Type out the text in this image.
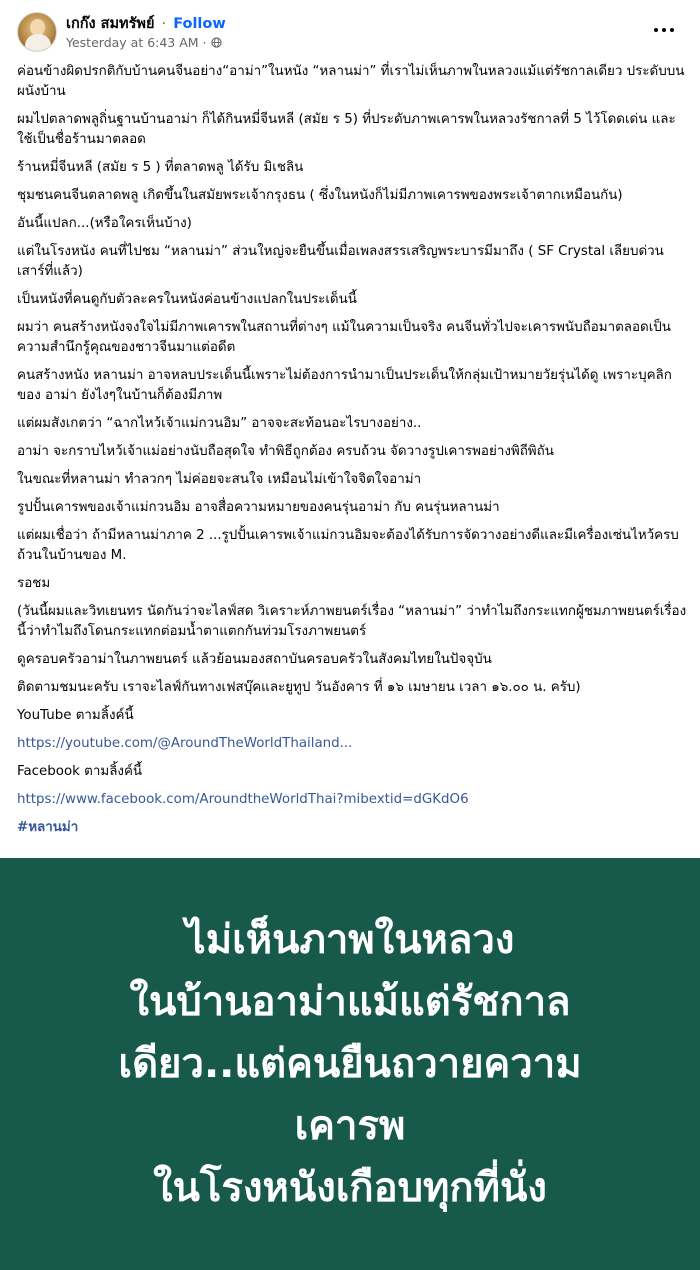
เกก๊ง สมทรัพย์ · Follow
Yesterday at 6:43 AM ·

ค่อนข้างผิดปรกติกับบ้านคนจีนอย่าง“อาม่า”ในหนัง “หลานม่า” ที่เราไม่เห็นภาพในหลวงแม้แต่รัชกาลเดียว ประดับบนผนังบ้าน

ผมไปตลาดพลูถิ่นฐานบ้านอาม่า ก็ได้กินหมี่จีนหลี (สมัย ร 5) ที่ประดับภาพเคารพในหลวงรัชกาลที่ 5 ไว้โดดเด่น และใช้เป็นชื่อร้านมาตลอด

ร้านหมี่จีนหลี (สมัย ร 5 ) ที่ตลาดพลู ได้รับ มิเชลิน

ชุมชนคนจีนตลาดพลู เกิดขึ้นในสมัยพระเจ้ากรุงธน ( ซึ่งในหนังก็ไม่มีภาพเคารพของพระเจ้าตากเหมือนกัน)

อันนี้แปลก...(หรือใครเห็นบ้าง)

แต่ในโรงหนัง คนที่ไปชม “หลานม่า” ส่วนใหญ่จะยืนขึ้นเมื่อเพลงสรรเสริญพระบารมีมาถึง ( SF Crystal เลียบด่วน เสาร์ที่แล้ว)

เป็นหนังที่คนดูกับตัวละครในหนังค่อนข้างแปลกในประเด็นนี้

ผมว่า คนสร้างหนังจงใจไม่มีภาพเคารพในสถานที่ต่างๆ แม้ในความเป็นจริง คนจีนทั่วไปจะเคารพนับถือมาตลอดเป็นความสำนึกรู้คุณของชาวจีนมาแต่อดีต

คนสร้างหนัง หลานม่า อาจหลบประเด็นนี้เพราะไม่ต้องการนำมาเป็นประเด็นให้กลุ่มเป้าหมายวัยรุ่นได้ดู เพราะบุคลิกของ อาม่า ยังไงๆในบ้านก็ต้องมีภาพ

แต่ผมสังเกตว่า “ฉากไหว้เจ้าแม่กวนอิม” อาจจะสะท้อนอะไรบางอย่าง..

อาม่า จะกราบไหว้เจ้าแม่อย่างนับถือสุดใจ ทำพิธีถูกต้อง ครบถ้วน จัดวางรูปเคารพอย่างพิถีพิถัน

ในขณะที่หลานม่า ทำลวกๆ ไม่ค่อยจะสนใจ เหมือนไม่เข้าใจจิตใจอาม่า

รูปปั้นเคารพของเจ้าแม่กวนอิม อาจสื่อความหมายของคนรุ่นอาม่า กับ คนรุ่นหลานม่า

แต่ผมเชื่อว่า ถ้ามีหลานม่าภาค 2 ...รูปปั้นเคารพเจ้าแม่กวนอิมจะต้องได้รับการจัดวางอย่างดีและมีเครื่องเซ่นไหว้ครบถ้วนในบ้านของ M.

รอชม

(วันนี้ผมและวิทเยนทร นัดกันว่าจะไลฟ์สด วิเคราะห์ภาพยนตร์เรื่อง “หลานม่า” ว่าทำไมถึงกระแทกผู้ชมภาพยนตร์เรื่องนี้ว่าทำไมถึงโดนกระแทกต่อมน้ำตาแตกกันท่วมโรงภาพยนตร์

ดูครอบครัวอาม่าในภาพยนตร์ แล้วย้อนมองสถาบันครอบครัวในสังคมไทยในปัจจุบัน

ติดตามชมนะครับ เราจะไลฟ์กันทางเฟสบุ๊คและยูทูป วันอังคาร ที่ ๑๖ เมษายน เวลา ๑๖.๐๐ น. ครับ)

YouTube ตามลิ้งค์นี้

https://youtube.com/@AroundTheWorldThailand...

Facebook ตามลิ้งค์นี้

https://www.facebook.com/AroundtheWorldThai?mibextid=dGKdO6

#หลานม่า

ไม่เห็นภาพในหลวง
ในบ้านอาม่าแม้แต่รัชกาล
เดียว..แต่คนยืนถวายความ
เคารพ
ในโรงหนังเกือบทุกที่นั่ง
